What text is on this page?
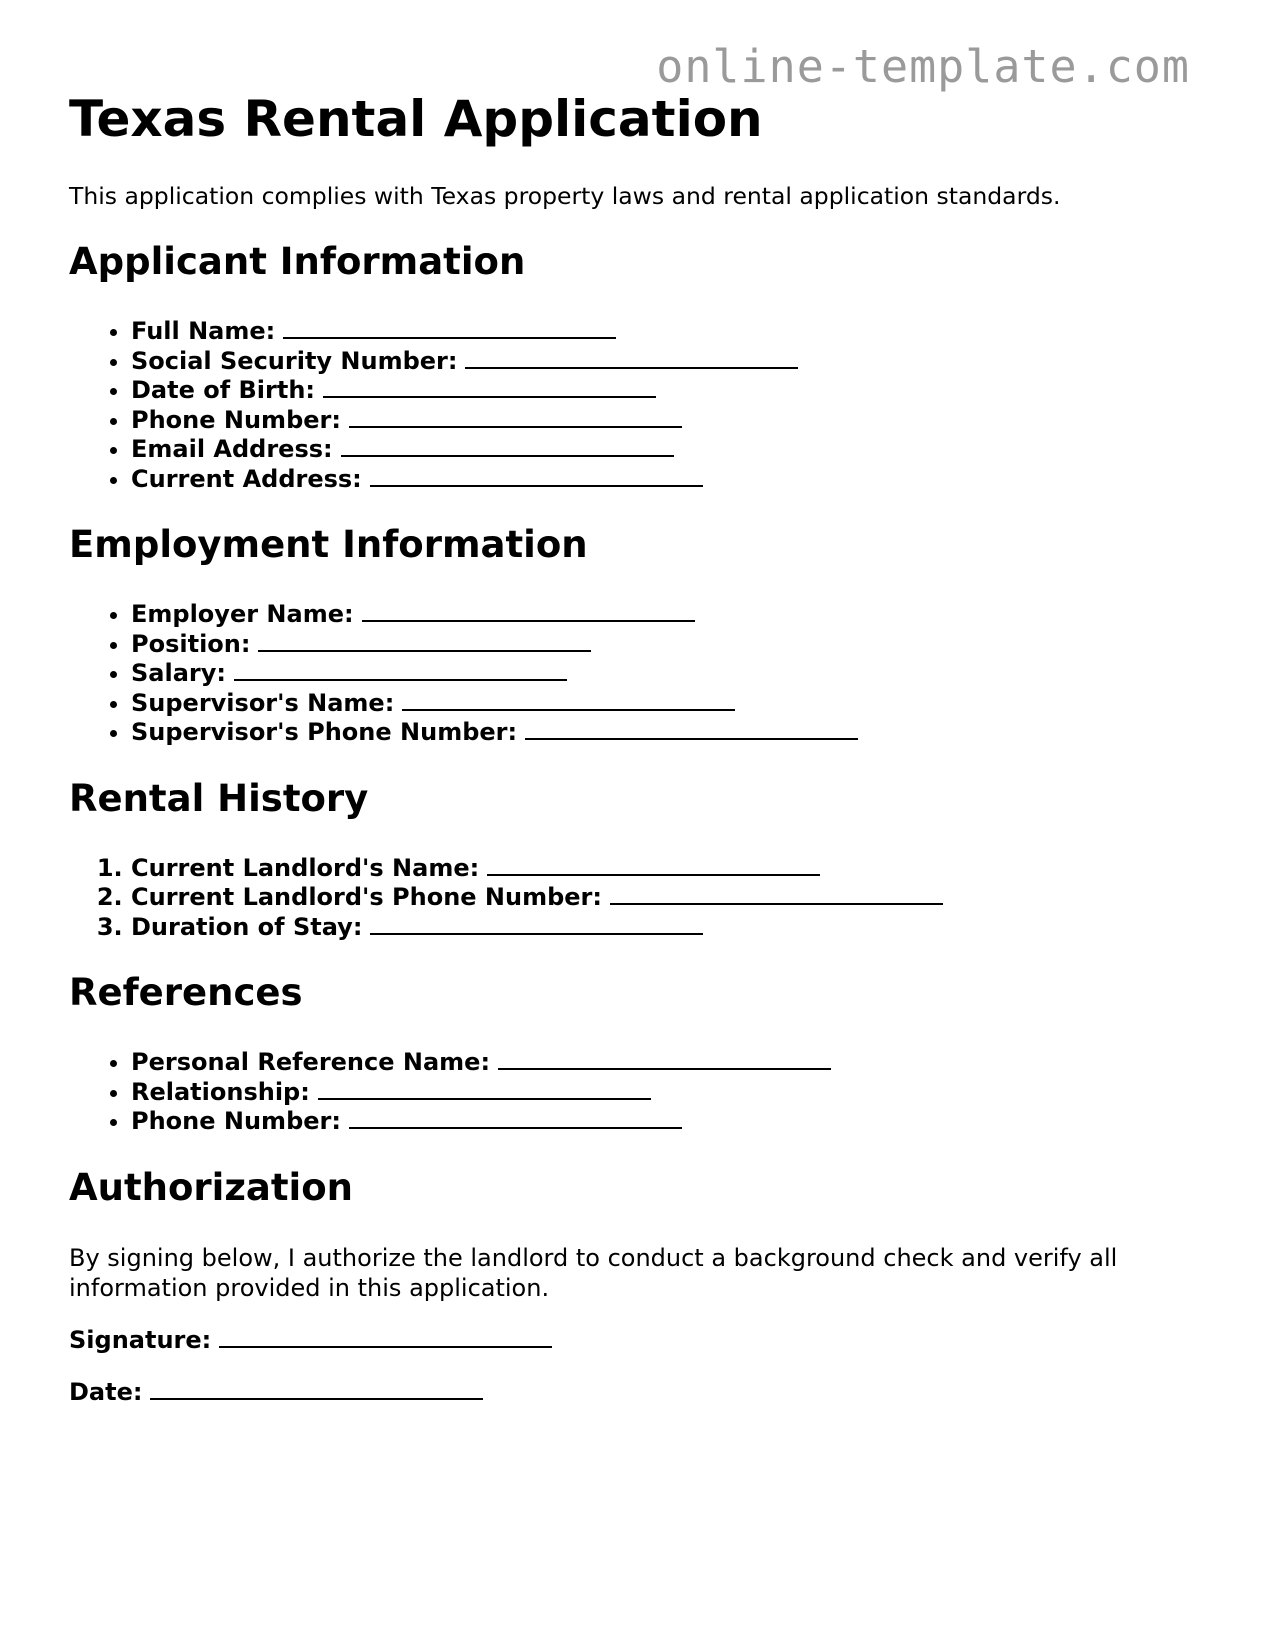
online-template.com

Texas Rental Application

This application complies with Texas property laws and rental application standards.

Applicant Information
• Full Name:
• Social Security Number:
• Date of Birth:
• Phone Number:
• Email Address:
• Current Address:
Employment Information
• Employer Name:
• Position:
• Salary:
• Supervisor's Name:
• Supervisor's Phone Number:
Rental History
1. Current Landlord's Name:
2. Current Landlord's Phone Number:
3. Duration of Stay:
References
• Personal Reference Name:
• Relationship:
• Phone Number:
Authorization

By signing below, I authorize the landlord to conduct a background check and verify all information provided in this application.

Signature:

Date:
